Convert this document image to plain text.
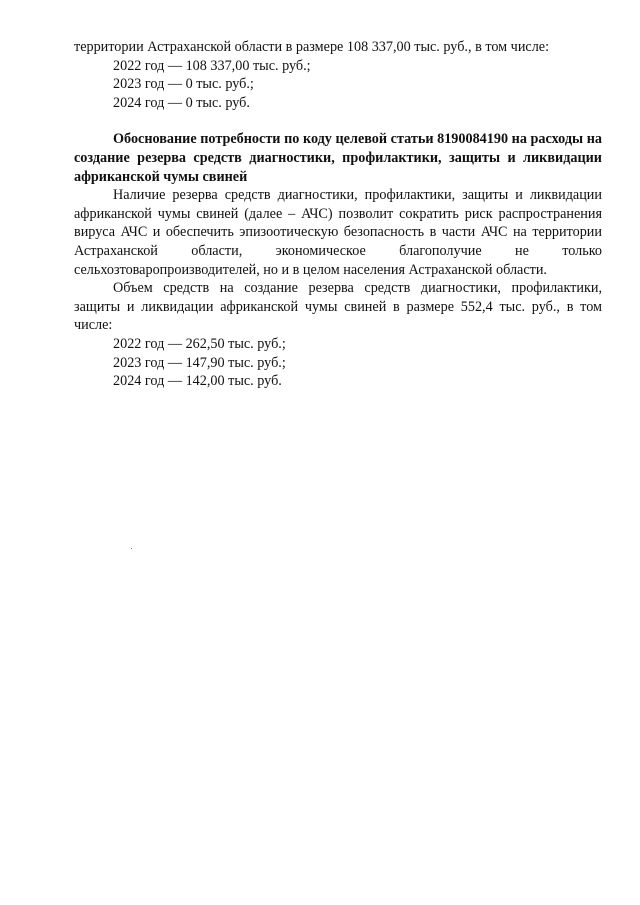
территории Астраханской области в размере 108 337,00 тыс. руб., в том числе:
2022 год — 108 337,00 тыс. руб.;
2023 год — 0 тыс. руб.;
2024 год — 0 тыс. руб.

Обоснование потребности по коду целевой статьи 8190084190 на расходы на создание резерва средств диагностики, профилактики, защиты и ликвидации африканской чумы свиней

Наличие резерва средств диагностики, профилактики, защиты и ликвидации африканской чумы свиней (далее – АЧС) позволит сократить риск распространения вируса АЧС и обеспечить эпизоотическую безопасность в части АЧС на территории Астраханской области, экономическое благополучие не только сельхозтоваропроизводителей, но и в целом населения Астраханской области.

Объем средств на создание резерва средств диагностики, профилактики, защиты и ликвидации африканской чумы свиней в размере 552,4 тыс. руб., в том числе:

2022 год — 262,50 тыс. руб.;
2023 год — 147,90 тыс. руб.;
2024 год — 142,00 тыс. руб.
